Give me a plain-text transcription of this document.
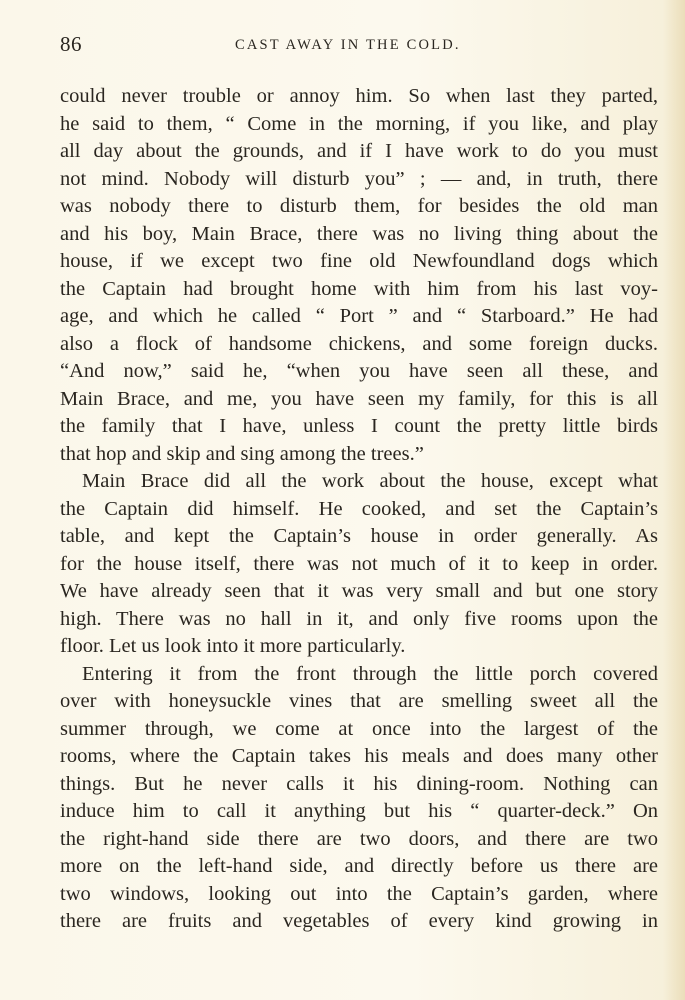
86	CAST AWAY IN THE COLD.
could never trouble or annoy him. So when last they parted,
he said to them, “ Come in the morning, if you like, and play
all day about the grounds, and if I have work to do you must
not mind. Nobody will disturb you” ; — and, in truth, there
was nobody there to disturb them, for besides the old man
and his boy, Main Brace, there was no living thing about the
house, if we except two fine old Newfoundland dogs which
the Captain had brought home with him from his last voy-
age, and which he called “ Port ” and “ Starboard.” He had
also a flock of handsome chickens, and some foreign ducks.
“And now,” said he, “when you have seen all these, and
Main Brace, and me, you have seen my family, for this is all
the family that I have, unless I count the pretty little birds
that hop and skip and sing among the trees.”
Main Brace did all the work about the house, except what
the Captain did himself. He cooked, and set the Captain’s
table, and kept the Captain’s house in order generally. As
for the house itself, there was not much of it to keep in order.
We have already seen that it was very small and but one story
high. There was no hall in it, and only five rooms upon the
floor. Let us look into it more particularly.
Entering it from the front through the little porch covered
over with honeysuckle vines that are smelling sweet all the
summer through, we come at once into the largest of the
rooms, where the Captain takes his meals and does many other
things. But he never calls it his dining-room. Nothing can
induce him to call it anything but his “ quarter-deck.” On
the right-hand side there are two doors, and there are two
more on the left-hand side, and directly before us there are
two windows, looking out into the Captain’s garden, where
there are fruits and vegetables of every kind growing in
